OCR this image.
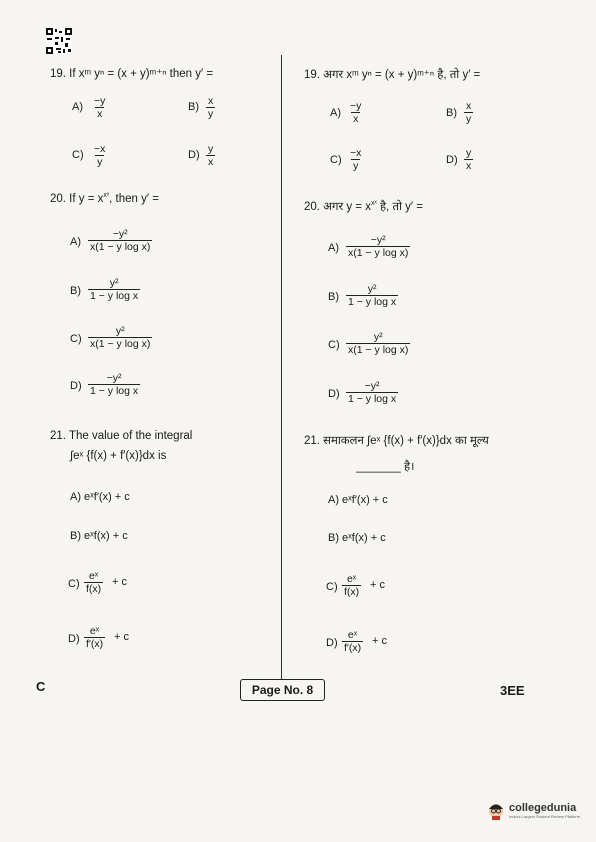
19. If xᵐ yⁿ = (x + y)ᵐ⁺ⁿ then y′ =
$A) \frac{-y}{x}$	$B) \frac{x}{y}$
$C) \frac{-x}{y}$	$D) \frac{y}{x}$
20. If $y = x^{xˣ}$, then y′ =
$A) \frac{\text{−y²}}{\text{x(1 − y log x)}}$
$B) \frac{\text{y²}}{\text{1 − y log x}}$
$C) \frac{\text{y²}}{\text{x(1 − y log x)}}$
$D) \frac{\text{−y²}}{\text{1 − y log x}}$
21. The value of the integral
∫eˣ {f(x) + f′(x)}dx is
A) eˣf′(x) + c
B) eˣf(x) + c
$C) \frac{\text{eˣ}}{f(x)} + c$
$D) \frac{\text{eˣ}}{f'(x)} + c$
19. अगर xᵐ yⁿ = (x + y)ᵐ⁺ⁿ है, तो y′ =
$A) \frac{-y}{x}$	$B) \frac{x}{y}$
$C) \frac{-x}{y}$	$D) \frac{y}{x}$
20. अगर $y = x^{xˣ}$ है, तो y′ =
$A) \frac{\text{−y²}}{\text{x(1 − y log x)}}$
$B) \frac{\text{y²}}{\text{1 − y log x}}$
$C) \frac{\text{y²}}{\text{x(1 − y log x)}}$
$D) \frac{\text{−y²}}{\text{1 − y log x}}$
21. समाकलन ∫eˣ {f(x) + f′(x)}dx का मूल्य
_______ है।
A) eˣf′(x) + c
B) eˣf(x) + c
$C) \frac{\text{eˣ}}{f(x)} + c$
$D) \frac{\text{eˣ}}{f'(x)} + c$
C	Page No. 8	3EE
collegedunia
India's Largest Student Review Platform
